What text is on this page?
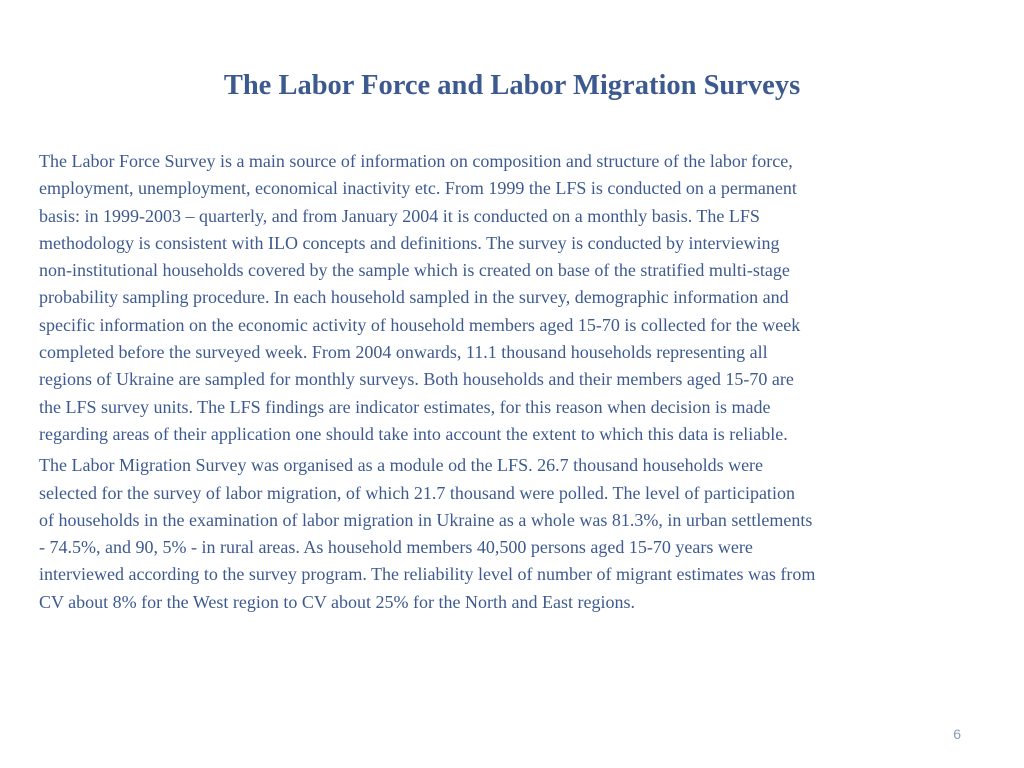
The Labor Force and Labor Migration Surveys

The Labor Force Survey is a main source of information on composition and structure of the labor force,
employment, unemployment, economical inactivity etc. From 1999 the LFS is conducted on a permanent
basis: in 1999-2003 – quarterly, and from January 2004 it is conducted on a monthly basis. The LFS
methodology is consistent with ILO concepts and definitions. The survey is conducted by interviewing
non-institutional households covered by the sample which is created on base of the stratified multi-stage
probability sampling procedure. In each household sampled in the survey, demographic information and
specific information on the economic activity of household members aged 15-70 is collected for the week
completed before the surveyed week. From 2004 onwards, 11.1 thousand households representing all
regions of Ukraine are sampled for monthly surveys. Both households and their members aged 15-70 are
the LFS survey units. The LFS findings are indicator estimates, for this reason when decision is made
regarding areas of their application one should take into account the extent to which this data is reliable.

The Labor Migration Survey was organised as a module od the LFS. 26.7 thousand households were
selected for the survey of labor migration, of which 21.7 thousand were polled. The level of participation
of households in the examination of labor migration in Ukraine as a whole was 81.3%, in urban settlements
- 74.5%, and 90, 5% - in rural areas. As household members 40,500 persons aged 15-70 years were
interviewed according to the survey program. The reliability level of number of migrant estimates was from
CV about 8% for the West region to CV about 25% for the North and East regions.

6
